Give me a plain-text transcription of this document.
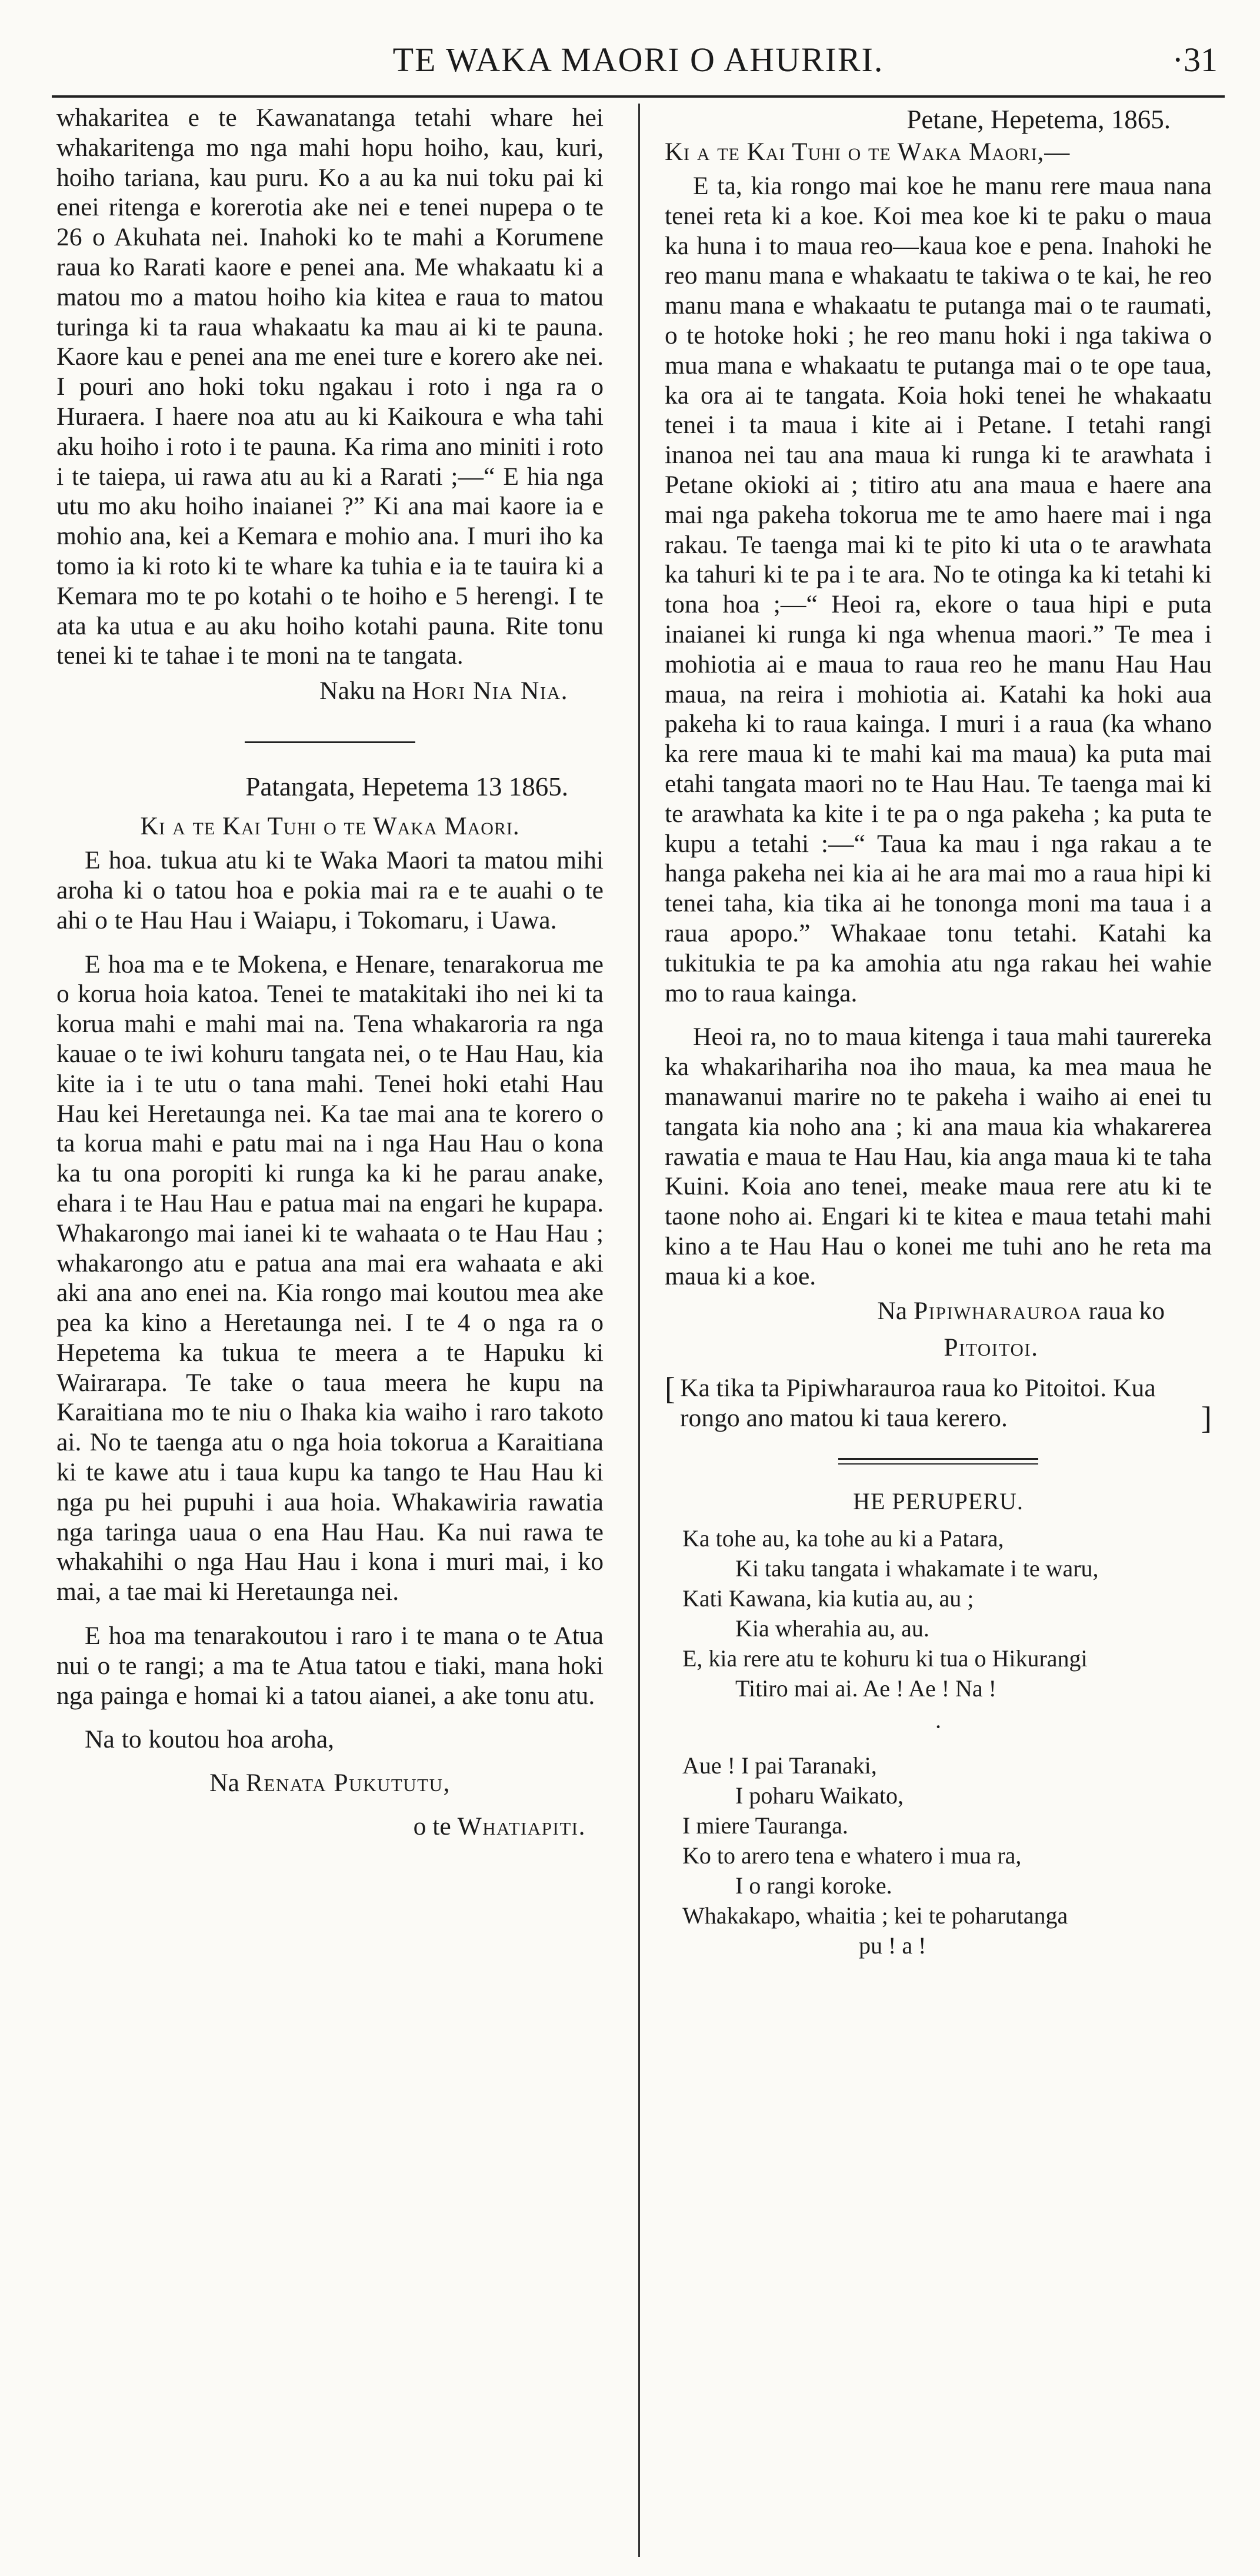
TE WAKA MAORI O AHURIRI.	·31

whakaritea e te Kawanatanga tetahi whare hei whakaritenga mo nga mahi hopu hoiho, kau, kuri, hoiho tariana, kau puru. Ko a au ka nui toku pai ki enei ritenga e korerotia ake nei e tenei nupepa o te 26 o Akuhata nei. Inahoki ko te mahi a Korumene raua ko Rarati kaore e penei ana. Me whakaatu ki a matou mo a matou hoiho kia kitea e raua to matou turinga ki ta raua whakaatu ka mau ai ki te pauna. Kaore kau e penei ana me enei ture e korero ake nei. I pouri ano hoki toku ngakau i roto i nga ra o Huraera. I haere noa atu au ki Kaikoura e wha tahi aku hoiho i roto i te pauna. Ka rima ano miniti i roto i te taiepa, ui rawa atu au ki a Rarati ;—“ E hia nga utu mo aku hoiho inaianei ?” Ki ana mai kaore ia e mohio ana, kei a Kemara e mohio ana. I muri iho ka tomo ia ki roto ki te whare ka tuhia e ia te tauira ki a Kemara mo te po kotahi o te hoiho e 5 herengi. I te ata ka utua e au aku hoiho kotahi pauna. Rite tonu tenei ki te tahae i te moni na te tangata.

Naku na Hori Nia Nia.

Patangata, Hepetema 13 1865.

Ki a te Kai Tuhi o te Waka Maori.

E hoa. tukua atu ki te Waka Maori ta matou mihi aroha ki o tatou hoa e pokia mai ra e te auahi o te ahi o te Hau Hau i Waiapu, i Tokomaru, i Uawa.

E hoa ma e te Mokena, e Henare, tenarakorua me o korua hoia katoa. Tenei te matakitaki iho nei ki ta korua mahi e mahi mai na. Tena whakaroria ra nga kauae o te iwi kohuru tangata nei, o te Hau Hau, kia kite ia i te utu o tana mahi. Tenei hoki etahi Hau Hau kei Heretaunga nei. Ka tae mai ana te korero o ta korua mahi e patu mai na i nga Hau Hau o kona ka tu ona poropiti ki runga ka ki he parau anake, ehara i te Hau Hau e patua mai na engari he kupapa. Whakarongo mai ianei ki te wahaata o te Hau Hau ; whakarongo atu e patua ana mai era wahaata e aki aki ana ano enei na. Kia rongo mai koutou mea ake pea ka kino a Heretaunga nei. I te 4 o nga ra o Hepetema ka tukua te meera a te Hapuku ki Wairarapa. Te take o taua meera he kupu na Karaitiana mo te niu o Ihaka kia waiho i raro takoto ai. No te taenga atu o nga hoia tokorua a Karaitiana ki te kawe atu i taua kupu ka tango te Hau Hau ki nga pu hei pupuhi i aua hoia. Whakawiria rawatia nga taringa uaua o ena Hau Hau. Ka nui rawa te whakahihi o nga Hau Hau i kona i muri mai, i ko mai, a tae mai ki Heretaunga nei.

E hoa ma tenarakoutou i raro i te mana o te Atua nui o te rangi; a ma te Atua tatou e tiaki, mana hoki nga painga e homai ki a tatou aianei, a ake tonu atu.

Na to koutou hoa aroha,

Na Renata Pukututu,

o te Whatiapiti.

Petane, Hepetema, 1865.

Ki a te Kai Tuhi o te Waka Maori,—

E ta, kia rongo mai koe he manu rere maua nana tenei reta ki a koe. Koi mea koe ki te paku o maua ka huna i to maua reo—kaua koe e pena. Inahoki he reo manu mana e whakaatu te takiwa o te kai, he reo manu mana e whakaatu te putanga mai o te raumati, o te hotoke hoki ; he reo manu hoki i nga takiwa o mua mana e whakaatu te putanga mai o te ope taua, ka ora ai te tangata. Koia hoki tenei he whakaatu tenei i ta maua i kite ai i Petane. I tetahi rangi inanoa nei tau ana maua ki runga ki te arawhata i Petane okioki ai ; titiro atu ana maua e haere ana mai nga pakeha tokorua me te amo haere mai i nga rakau. Te taenga mai ki te pito ki uta o te arawhata ka tahuri ki te pa i te ara. No te otinga ka ki tetahi ki tona hoa ;—“ Heoi ra, ekore o taua hipi e puta inaianei ki runga ki nga whenua maori.” Te mea i mohiotia ai e maua to raua reo he manu Hau Hau maua, na reira i mohiotia ai. Katahi ka hoki aua pakeha ki to raua kainga. I muri i a raua (ka whano ka rere maua ki te mahi kai ma maua) ka puta mai etahi tangata maori no te Hau Hau. Te taenga mai ki te arawhata ka kite i te pa o nga pakeha ; ka puta te kupu a tetahi :—“ Taua ka mau i nga rakau a te hanga pakeha nei kia ai he ara mai mo a raua hipi ki tenei taha, kia tika ai he tononga moni ma taua i a raua apopo.” Whakaae tonu tetahi. Katahi ka tukitukia te pa ka amohia atu nga rakau hei wahie mo to raua kainga.

Heoi ra, no to maua kitenga i taua mahi taurereka ka whakarihariha noa iho maua, ka mea maua he manawanui marire no te pakeha i waiho ai enei tu tangata kia noho ana ; ki ana maua kia whakarerea rawatia e maua te Hau Hau, kia anga maua ki te taha Kuini. Koia ano tenei, meake maua rere atu ki te taone noho ai. Engari ki te kitea e maua tetahi mahi kino a te Hau Hau o konei me tuhi ano he reta ma maua ki a koe.

Na Pipiwharauroa raua ko

Pitoitoi.

[ Ka tika ta Pipiwharauroa raua ko Pitoitoi. Kua rongo ano matou ki taua kerero.	]

HE PERUPERU.

Ka tohe au, ka tohe au ki a Patara,

Ki taku tangata i whakamate i te waru,

Kati Kawana, kia kutia au, au ;

Kia wherahia au, au.

E, kia rere atu te kohuru ki tua o Hikurangi

Titiro mai ai. Ae ! Ae ! Na !

·

Aue ! I pai Taranaki,

I poharu Waikato,

I miere Tauranga.

Ko to arero tena e whatero i mua ra,

I o rangi koroke.

Whakakapo, whaitia ; kei te poharutanga

pu ! a !
